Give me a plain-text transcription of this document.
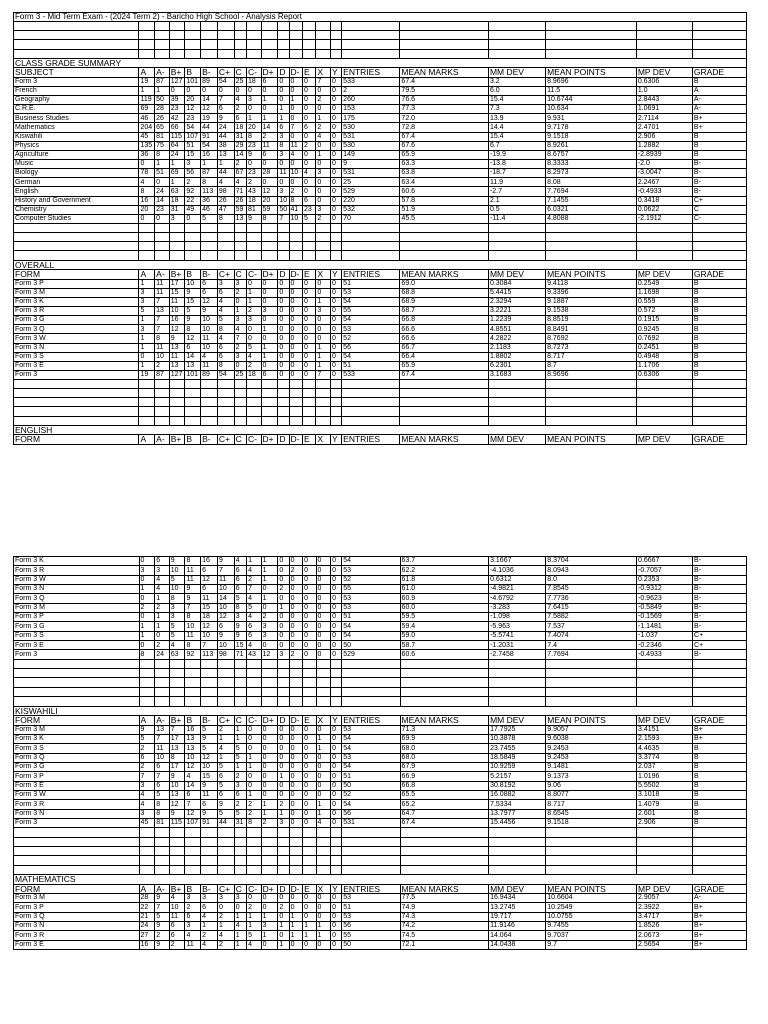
Form 3 - Mid Term Exam - (2024 Term 2) - Baricho High School - Analysis Report																				

CLASS GRADE SUMMARY																				
SUBJECT	A	A-	B+	B	B-	C+	C	C-	D+	D	D-	E	X	Y	ENTRIES	MEAN MARKS	MM DEV	MEAN POINTS	MP DEV	GRADE
Form 3	19	87	127	101	89	54	25	18	6	0	0	0	7	0	533	67.4	3.2	8.9696	0.6306	B
French	1	1	0	0	0	0	0	0	0	0	0	0	0	0	2	79.5	6.0	11.5	1.0	A
Geography	119	50	39	20	14	7	4	3	1	0	1	0	2	0	260	76.6	15.4	10.6744	2.8443	A-
C.R.E.	69	28	23	12	12	6	2	0	0	1	0	0	0	0	153	77.3	7.3	10.634	1.0691	A-
Business Studies	46	26	42	23	19	9	6	1	1	1	0	0	1	0	175	72.0	13.9	9.931	2.7114	B+
Mathematics	204	65	66	54	44	24	18	20	14	6	7	6	2	0	530	72.8	14.4	9.7178	2.4701	B+
Kiswahili	45	81	115	107	91	44	31	8	2	3	0	0	4	0	531	67.4	15.4	9.1518	2.906	B
Physics	135	75	64	51	54	38	29	23	11	8	11	2	0	0	530	67.6	6.7	8.9261	1.2882	B
Agriculture	36	8	24	15	16	13	14	9	6	3	4	0	1	0	149	65.9	-19.9	8.6757	-2.8939	B
Music	0	1	1	3	1	1	2	0	0	0	0	0	0	0	9	63.3	-13.8	8.3333	-2.0	B-
Biology	78	51	69	56	87	44	67	23	28	11	10	4	3	0	531	63.8	-18.7	8.2973	-3.0047	B-
German	4	0	1	2	8	4	4	2	0	0	0	0	0	0	25	63.4	11.9	8.08	2.2467	B-
English	8	24	63	92	113	98	71	43	12	3	2	0	0	0	529	60.6	-2.7	7.7694	-0.4933	B-
History and Government	16	14	18	22	36	26	26	18	20	10	8	6	0	0	220	57.8	2.1	7.1455	0.3418	C+
Chemistry	20	23	31	49	46	47	59	81	59	50	41	23	3	0	532	51.9	0.5	6.0321	0.0622	C
Computer Studies	0	0	3	0	5	8	13	9	8	7	10	5	2	0	70	45.5	-11.4	4.8088	-2.1912	C-

OVERALL																				
FORM	A	A-	B+	B	B-	C+	C	C-	D+	D	D-	E	X	Y	ENTRIES	MEAN MARKS	MM DEV	MEAN POINTS	MP DEV	GRADE
Form 3 P	1	11	17	10	6	3	3	0	0	0	0	0	0	0	51	69.0	0.3084	9.4118	0.2549	B
Form 3 M	3	11	15	9	6	6	2	1	0	0	0	0	0	0	53	68.8	5.4415	9.3396	1.1698	B
Form 3 K	3	7	11	15	12	4	0	1	0	0	0	0	1	0	54	68.9	2.3294	9.1887	0.559	B
Form 3 R	5	13	10	5	9	4	1	2	3	0	0	0	3	0	55	68.7	3.2221	9.1538	0.572	B
Form 3 G	1	7	16	9	10	5	3	3	0	0	0	0	0	0	54	66.8	1.2239	8.8519	0.1915	B
Form 3 Q	3	7	12	8	10	8	4	0	1	0	0	0	0	0	53	66.6	4.8551	8.8491	0.9245	B
Form 3 W	1	8	9	12	11	4	7	0	0	0	0	0	0	0	52	66.6	4.2822	8.7692	0.7692	B
Form 3 N	1	11	13	6	10	6	2	5	1	0	0	0	1	0	56	66.7	2.1183	8.7273	0.2451	B
Form 3 S	0	10	11	14	4	6	3	4	1	0	0	0	1	0	54	66.4	1.8802	8.717	0.4948	B
Form 3 E	1	2	13	13	11	8	0	2	0	0	0	0	1	0	51	65.9	6.2301	8.7	1.1706	B
Form 3	19	87	127	101	89	54	25	18	6	0	0	0	7	0	533	67.4	3.1683	8.9696	0.6306	B

ENGLISH																				
FORM	A	A-	B+	B	B-	C+	C	C-	D+	D	D-	E	X	Y	ENTRIES	MEAN MARKS	MM DEV	MEAN POINTS	MP DEV	GRADE
Form 3 K	0	6	9	8	16	9	4	1	1	0	0	0	0	0	54	63.7	3.1667	8.3704	0.6667	B-
Form 3 R	3	3	10	11	6	7	6	4	1	0	2	0	0	0	53	62.2	-4.1036	8.0943	-0.7057	B-
Form 3 W	0	4	5	11	12	11	6	2	1	0	0	0	0	0	52	61.8	0.6312	8.0	0.2353	B-
Form 3 N	1	4	10	9	6	10	6	7	0	2	0	0	0	0	55	61.0	-4.9821	7.8545	-0.9312	B-
Form 3 Q	0	1	8	9	11	14	5	4	1	0	0	0	0	0	53	60.9	-4.6792	7.7736	-0.9623	B-
Form 3 M	2	2	3	7	15	10	8	5	0	1	0	0	0	0	53	60.0	-3.283	7.6415	-0.5849	B-
Form 3 P	0	1	3	8	18	12	3	4	2	0	0	0	0	0	51	59.5	-1.098	7.5882	-0.1569	B-
Form 3 G	1	1	5	10	12	6	9	6	3	0	0	0	0	0	54	59.4	-5.963	7.537	-1.1481	B-
Form 3 S	1	0	5	11	10	9	9	6	3	0	0	0	0	0	54	59.0	-5.5741	7.4074	-1.037	C+
Form 3 E	0	2	4	8	7	10	15	4	0	0	0	0	0	0	50	58.7	-1.2031	7.4	-0.2346	C+
Form 3	8	24	63	92	113	98	71	43	12	3	2	0	0	0	529	60.6	-2.7458	7.7694	-0.4933	B-

KISWAHILI																				
FORM	A	A-	B+	B	B-	C+	C	C-	D+	D	D-	E	X	Y	ENTRIES	MEAN MARKS	MM DEV	MEAN POINTS	MP DEV	GRADE
Form 3 M	9	13	7	16	5	2	1	0	0	0	0	0	0	0	53	71.3	17.7925	9.9057	3.4151	B+
Form 3 K	5	7	17	13	9	1	1	0	0	0	0	0	1	0	54	69.9	10.3878	9.6038	2.1593	B+
Form 3 S	2	11	13	13	5	4	5	0	0	0	0	0	1	0	54	68.0	23.7455	9.2453	4.4635	B
Form 3 Q	6	10	8	10	12	1	5	1	0	0	0	0	0	0	53	68.0	18.5849	9.2453	3.3774	B
Form 3 G	2	6	17	12	10	5	1	1	0	0	0	0	0	0	54	67.9	10.9259	9.1481	2.037	B
Form 3 P	7	7	9	4	15	6	2	0	0	1	0	0	0	0	51	66.9	5.2157	9.1373	1.0196	B
Form 3 E	3	6	10	14	9	5	3	0	0	0	0	0	0	0	50	66.8	30.8192	9.06	5.5502	B
Form 3 W	4	5	13	6	11	6	6	1	0	0	0	0	0	0	52	65.5	16.0882	8.8077	3.1018	B
Form 3 R	4	8	12	7	6	9	2	2	1	2	0	0	1	0	54	65.2	7.5334	8.717	1.4079	B
Form 3 N	3	8	9	12	9	5	5	2	1	1	0	0	1	0	56	64.7	13.7977	8.6545	2.601	B
Form 3	45	81	115	107	91	44	31	8	2	3	0	0	4	0	531	67.4	15.4456	9.1518	2.906	B

MATHEMATICS																				
FORM	A	A-	B+	B	B-	C+	C	C-	D+	D	D-	E	X	Y	ENTRIES	MEAN MARKS	MM DEV	MEAN POINTS	MP DEV	GRADE
Form 3 M	28	9	4	3	3	3	3	0	0	0	0	0	0	0	53	77.5	16.9434	10.6604	2.9057	A-
Form 3 P	22	7	10	2	6	0	0	2	0	2	0	0	0	0	51	74.9	13.2745	10.2549	2.3922	B+
Form 3 Q	21	5	11	6	4	2	1	1	1	0	1	0	0	0	53	74.3	19.717	10.0755	3.4717	B+
Form 3 N	24	9	6	3	1	1	4	1	3	1	1	1	1	0	56	74.2	11.9146	9.7455	1.8526	B+
Form 3 R	27	2	6	4	2	4	1	5	1	0	1	1	1	0	55	74.5	14.064	9.7037	2.0673	B+
Form 3 E	16	9	2	11	4	2	1	4	0	1	0	0	0	0	50	72.1	14.0438	9.7	2.5654	B+
